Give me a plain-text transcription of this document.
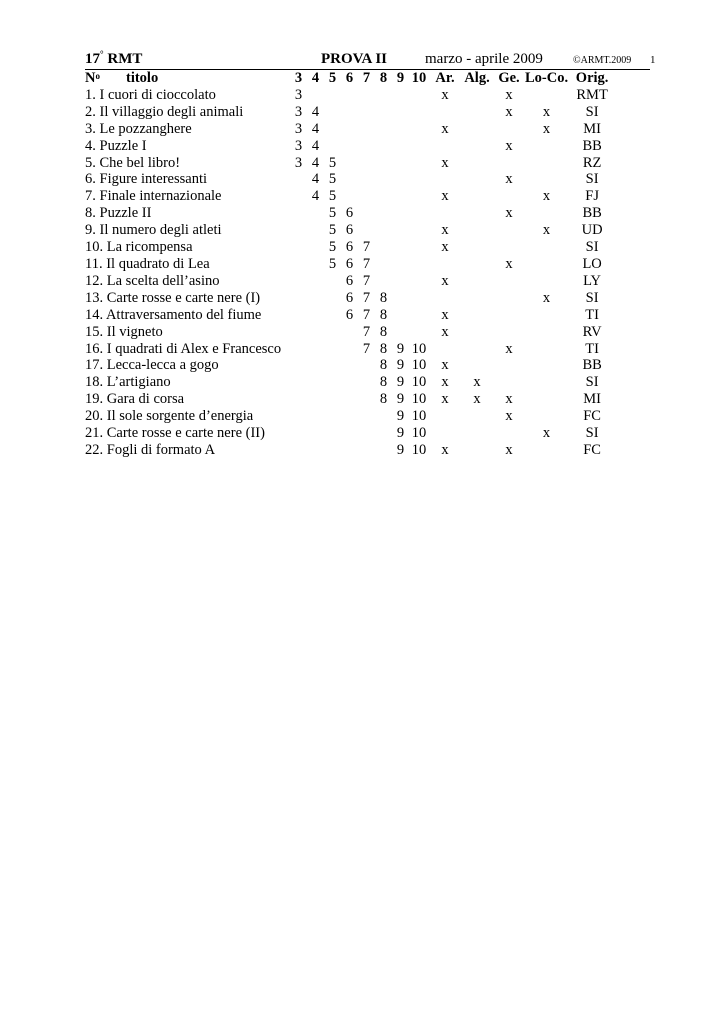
17° RMT	PROVA II	marzo - aprile 2009	©ARMT.2009 1
$N^o$ titolo	3	4	5	6	7	8	9	10	Ar.	Alg.	Ge.	Lo-Co.	Orig.
1. I cuori di cioccolato	3								x		x		RMT
2. Il villaggio degli animali	3	4									x	x	SI
3. Le pozzanghere	3	4							x			x	MI
4. Puzzle I	3	4									x		BB
5. Che bel libro!	3	4	5						x				RZ
6. Figure interessanti		4	5								x		SI
7. Finale internazionale		4	5						x			x	FJ
8. Puzzle II			5	6							x		BB
9. Il numero degli atleti			5	6					x			x	UD
10. La ricompensa			5	6	7				x				SI
11. Il quadrato di Lea			5	6	7						x		LO
12. La scelta dell’asino				6	7				x				LY
13. Carte rosse e carte nere (I)				6	7	8						x	SI
14. Attraversamento del fiume				6	7	8			x				TI
15. Il vigneto					7	8			x				RV
16. I quadrati di Alex e Francesco					7	8	9	10			x		TI
17. Lecca-lecca a gogo						8	9	10	x				BB
18. L’artigiano						8	9	10	x	x			SI
19. Gara di corsa						8	9	10	x	x	x		MI
20. Il sole sorgente d’energia							9	10			x		FC
21. Carte rosse e carte nere (II)							9	10				x	SI
22. Fogli di formato A							9	10	x		x		FC
